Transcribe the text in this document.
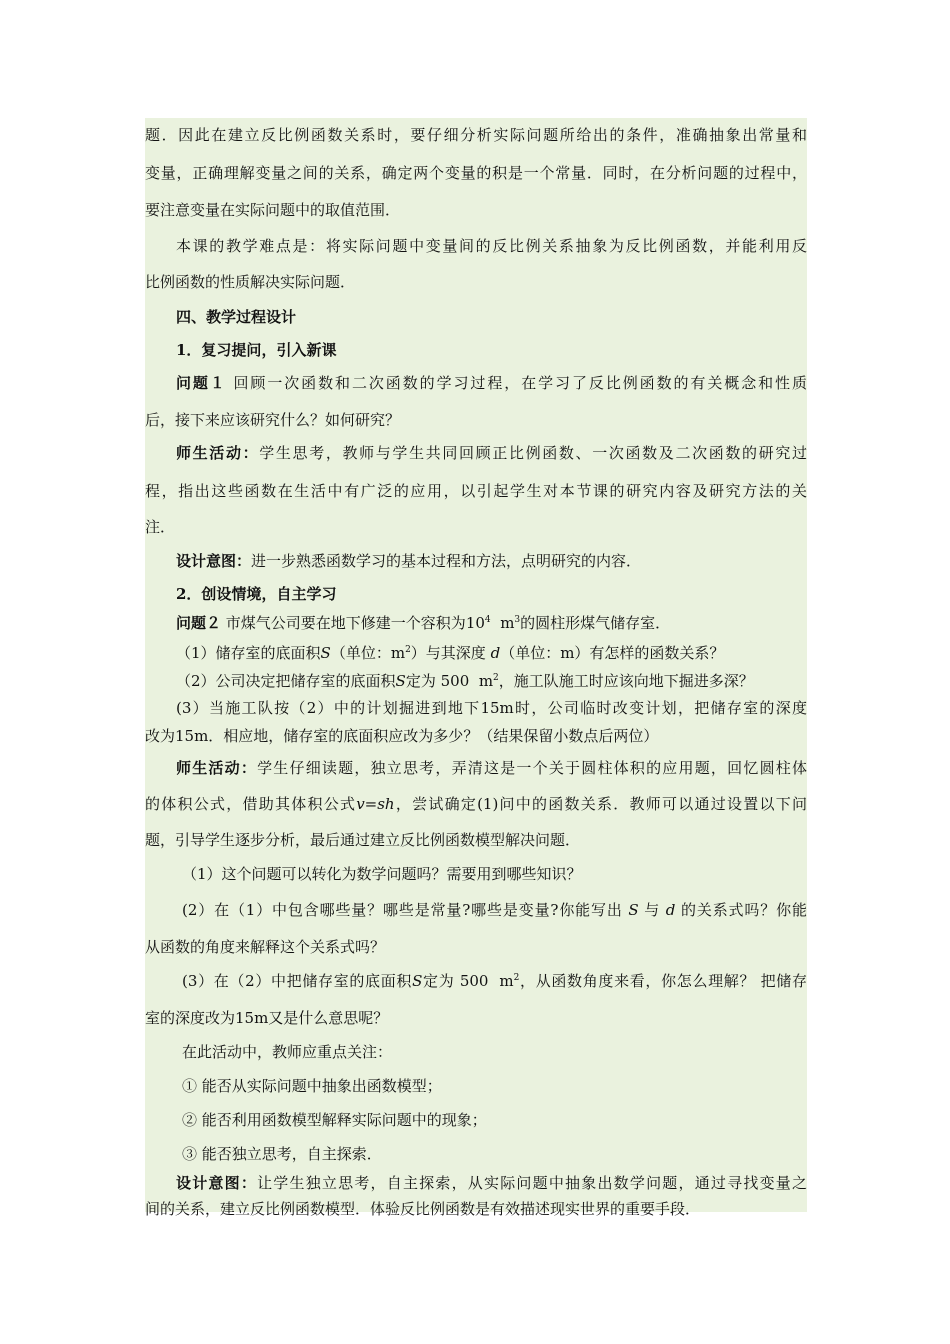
题．因此在建立反比例函数关系时，要仔细分析实际问题所给出的条件，准确抽象出常量和
变量，正确理解变量之间的关系，确定两个变量的积是一个常量．同时，在分析问题的过程中，
要注意变量在实际问题中的取值范围．
本课的教学难点是：将实际问题中变量间的反比例关系抽象为反比例函数，并能利用反
比例函数的性质解决实际问题．
四、教学过程设计
1．复习提问，引入新课
问题１ 回顾一次函数和二次函数的学习过程，在学习了反比例函数的有关概念和性质
后，接下来应该研究什么？如何研究？
师生活动：学生思考，教师与学生共同回顾正比例函数、一次函数及二次函数的研究过
程，指出这些函数在生活中有广泛的应用，以引起学生对本节课的研究内容及研究方法的关
注．
设计意图：进一步熟悉函数学习的基本过程和方法，点明研究的内容．
2．创设情境，自主学习
问题２ 市煤气公司要在地下修建一个容积为$10^4$ $m^3$的圆柱形煤气储存室．
（1）储存室的底面积S（单位：$m^2$）与其深度 d（单位：m）有怎样的函数关系？
（2）公司决定把储存室的底面积S定为 500 $m^2$，施工队施工时应该向地下掘进多深？
(3）当施工队按（2）中的计划掘进到地下15m时，公司临时改变计划，把储存室的深度
改为15m．相应地，储存室的底面积应改为多少？（结果保留小数点后两位）
师生活动：学生仔细读题，独立思考，弄清这是一个关于圆柱体积的应用题，回忆圆柱体
的体积公式，借助其体积公式v=sh，尝试确定(1)问中的函数关系．教师可以通过设置以下问
题，引导学生逐步分析，最后通过建立反比例函数模型解决问题．
（1）这个问题可以转化为数学问题吗？需要用到哪些知识？
(2）在（1）中包含哪些量？哪些是常量?哪些是变量?你能写出 S 与 d 的关系式吗？你能
从函数的角度来解释这个关系式吗？
(3）在（2）中把储存室的底面积S定为 500 $m^2$，从函数角度来看，你怎么理解？ 把储存
室的深度改为15m又是什么意思呢？
在此活动中，教师应重点关注：
① 能否从实际问题中抽象出函数模型；
② 能否利用函数模型解释实际问题中的现象；
③ 能否独立思考，自主探索．
设计意图：让学生独立思考，自主探索，从实际问题中抽象出数学问题，通过寻找变量之
间的关系，建立反比例函数模型．体验反比例函数是有效描述现实世界的重要手段．
